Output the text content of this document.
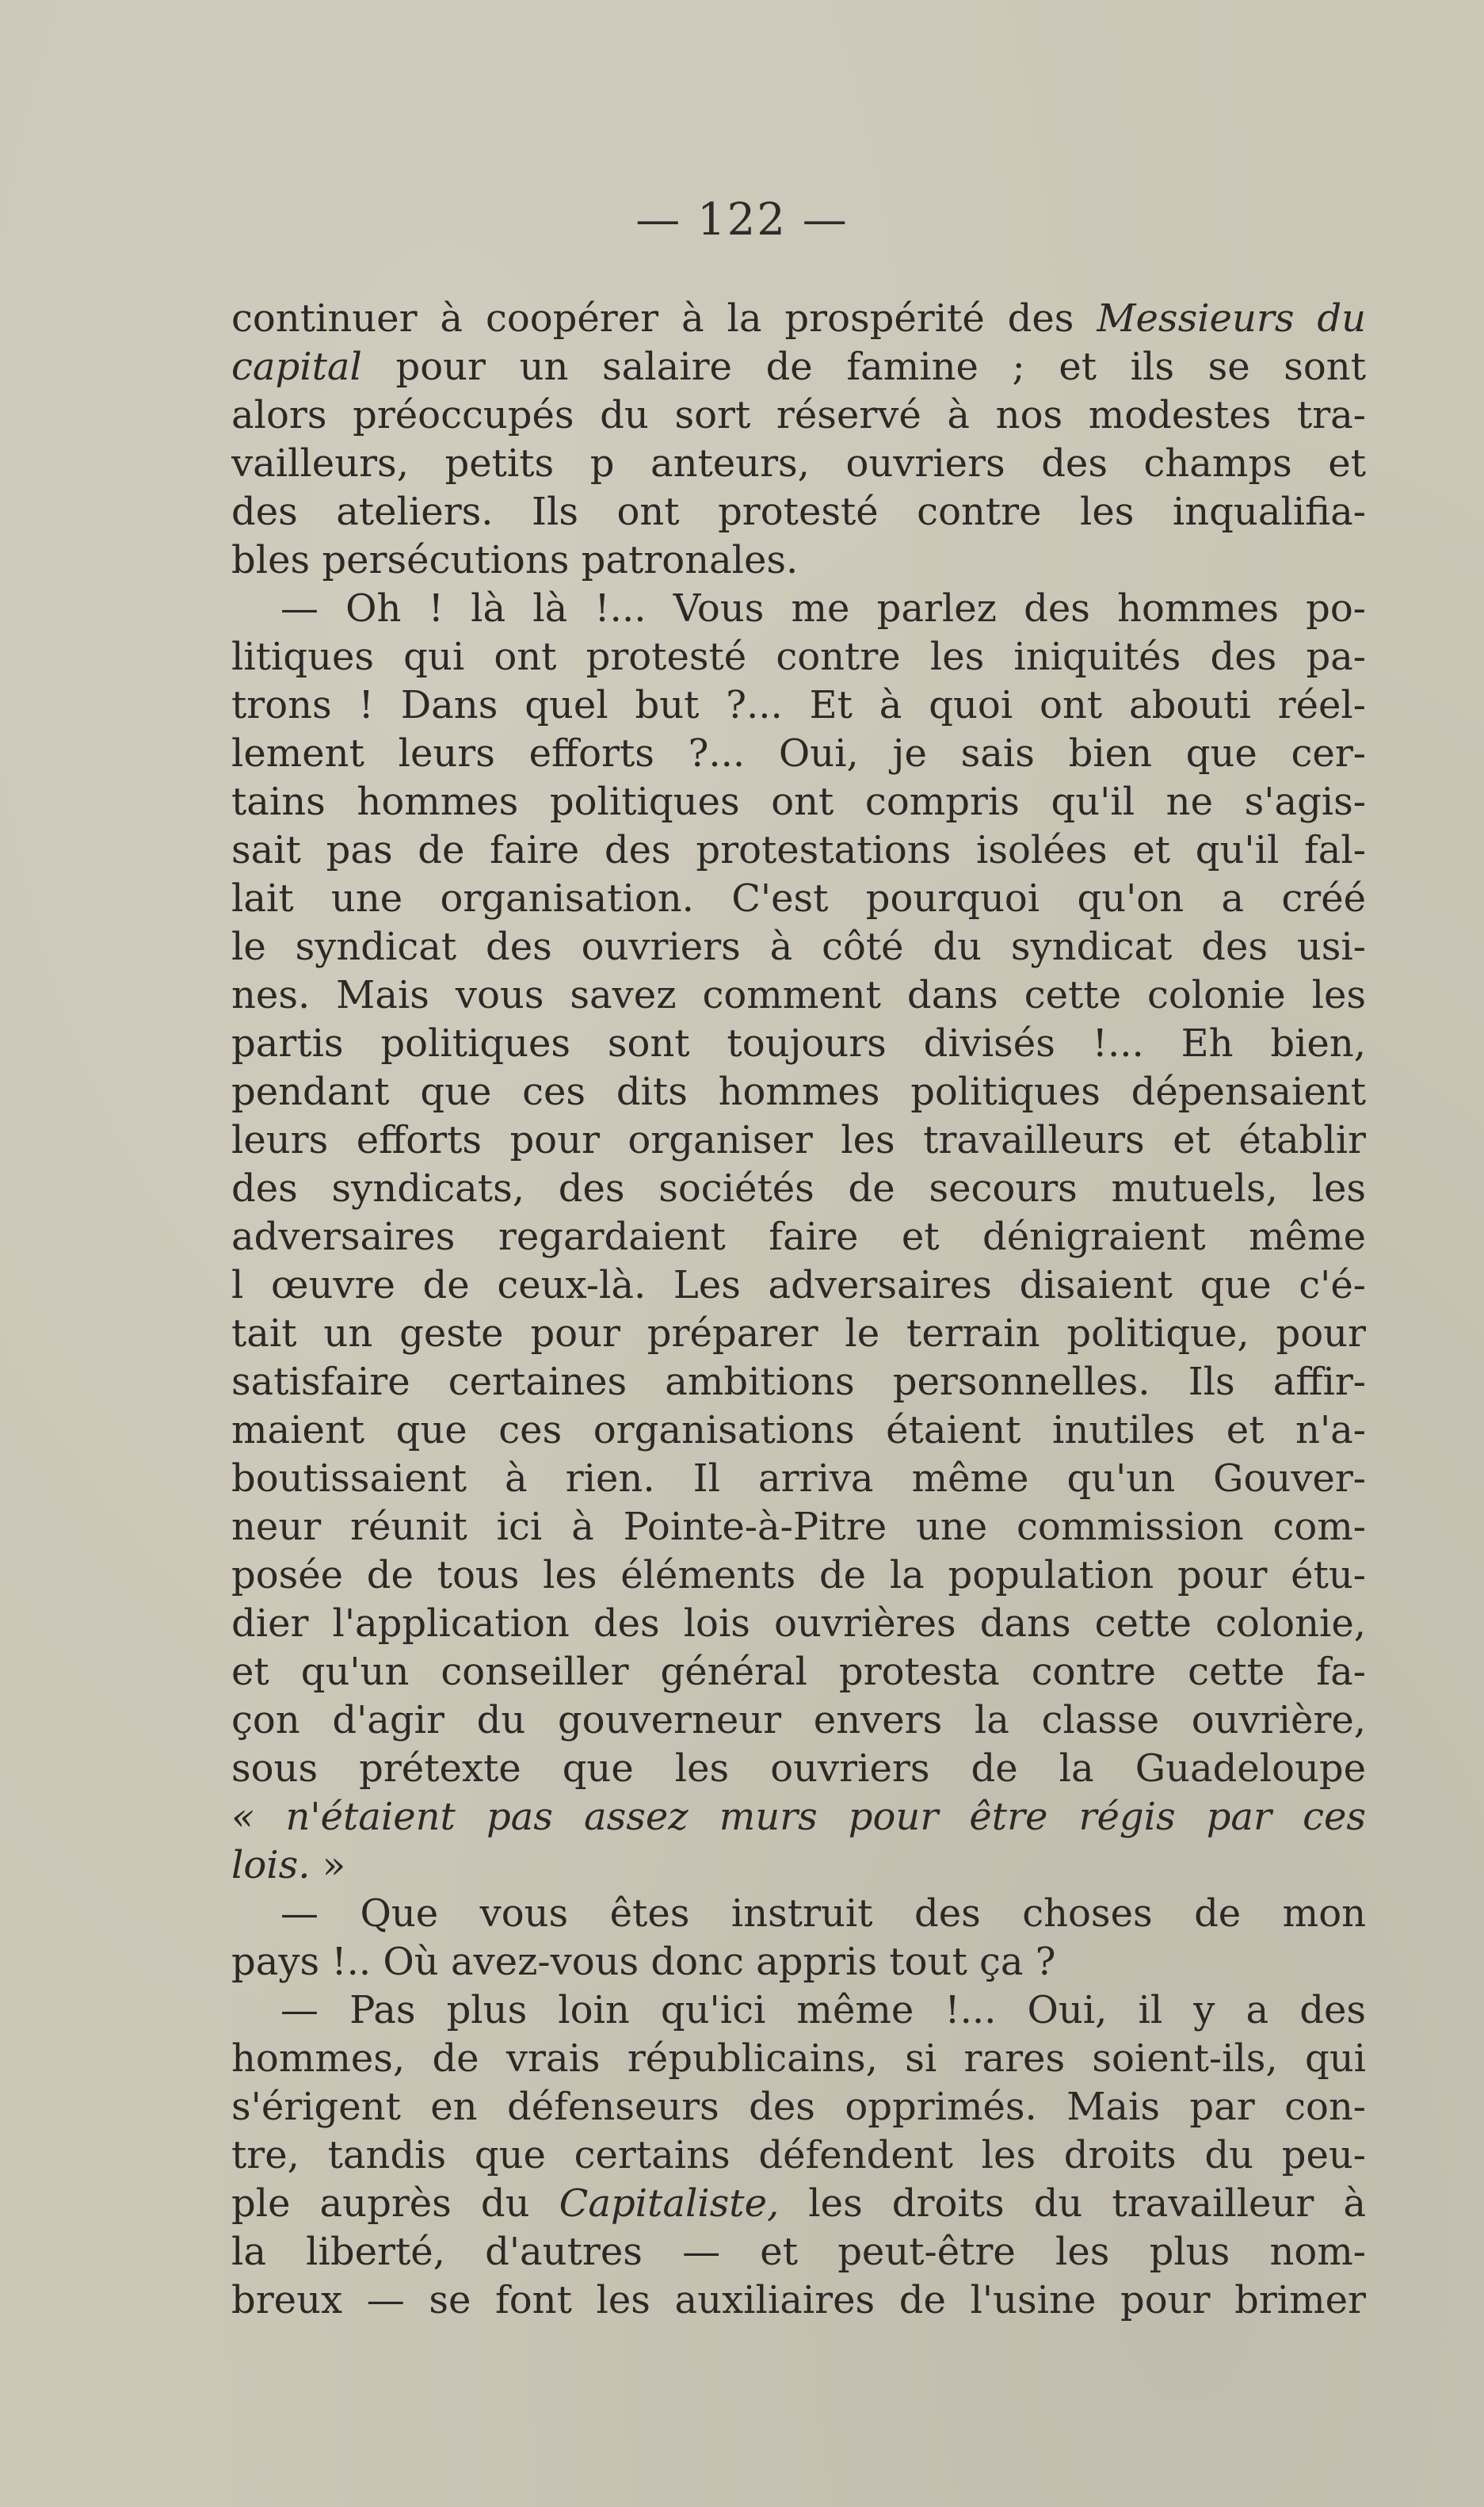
— 122 —
continuer à coopérer à la prospérité des Messieurs du
capital pour un salaire de famine ; et ils se sont
alors préoccupés du sort réservé à nos modestes tra-
vailleurs, petits p anteurs, ouvriers des champs et
des ateliers. Ils ont protesté contre les inqualifia-
bles persécutions patronales.
— Oh ! là là !... Vous me parlez des hommes po-
litiques qui ont protesté contre les iniquités des pa-
trons ! Dans quel but ?... Et à quoi ont abouti réel-
lement leurs efforts ?... Oui, je sais bien que cer-
tains hommes politiques ont compris qu'il ne s'agis-
sait pas de faire des protestations isolées et qu'il fal-
lait une organisation. C'est pourquoi qu'on a créé
le syndicat des ouvriers à côté du syndicat des usi-
nes. Mais vous savez comment dans cette colonie les
partis politiques sont toujours divisés !... Eh bien,
pendant que ces dits hommes politiques dépensaient
leurs efforts pour organiser les travailleurs et établir
des syndicats, des sociétés de secours mutuels, les
adversaires regardaient faire et dénigraient même
l œuvre de ceux-là. Les adversaires disaient que c'é-
tait un geste pour préparer le terrain politique, pour
satisfaire certaines ambitions personnelles. Ils affir-
maient que ces organisations étaient inutiles et n'a-
boutissaient à rien. Il arriva même qu'un Gouver-
neur réunit ici à Pointe-à-Pitre une commission com-
posée de tous les éléments de la population pour étu-
dier l'application des lois ouvrières dans cette colonie,
et qu'un conseiller général protesta contre cette fa-
çon d'agir du gouverneur envers la classe ouvrière,
sous prétexte que les ouvriers de la Guadeloupe
« n'étaient pas assez murs pour être régis par ces
lois. »
— Que vous êtes instruit des choses de mon
pays !.. Où avez-vous donc appris tout ça ?
— Pas plus loin qu'ici même !... Oui, il y a des
hommes, de vrais républicains, si rares soient-ils, qui
s'érigent en défenseurs des opprimés. Mais par con-
tre, tandis que certains défendent les droits du peu-
ple auprès du Capitaliste, les droits du travailleur à
la liberté, d'autres — et peut-être les plus nom-
breux — se font les auxiliaires de l'usine pour brimer
